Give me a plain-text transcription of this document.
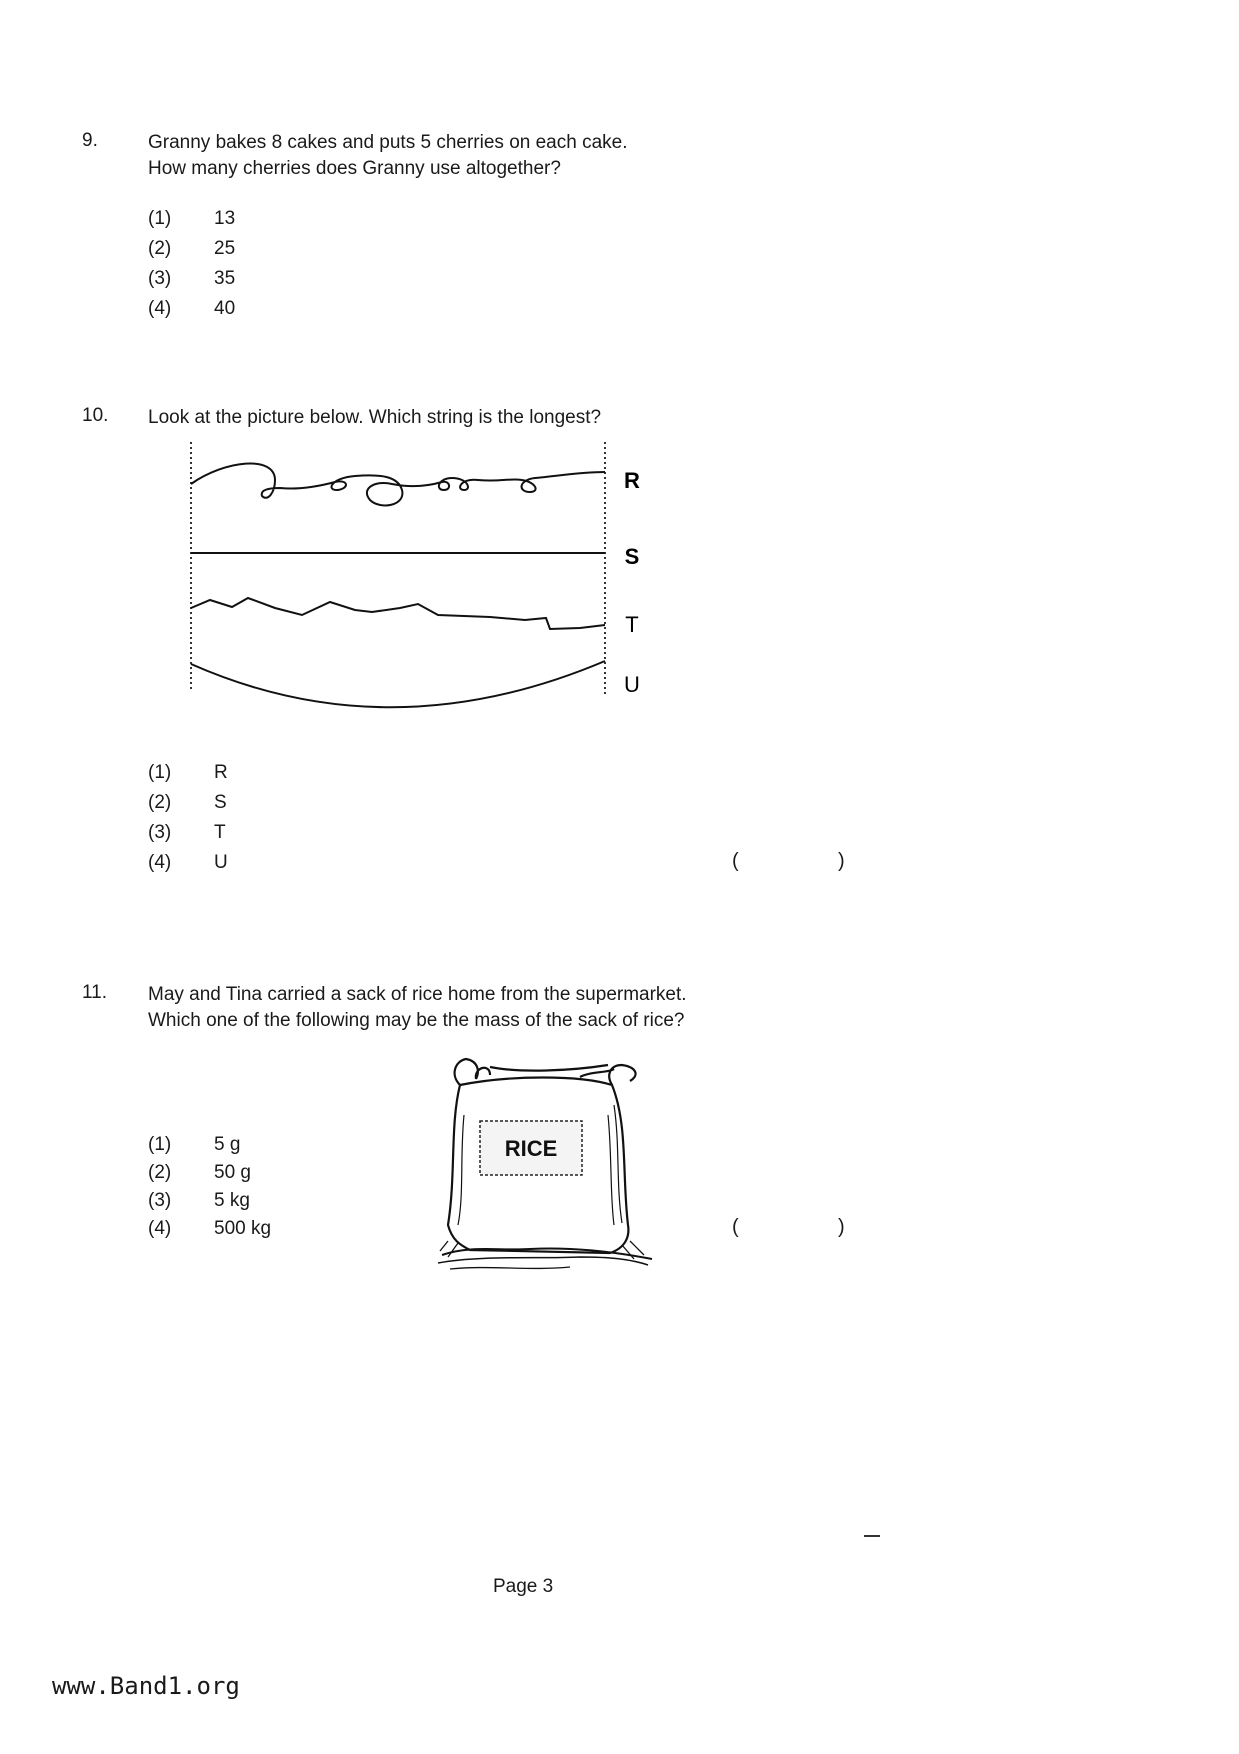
9.	Granny bakes 8 cakes and puts 5 cherries on each cake.
How many cherries does Granny use altogether?
(1) 13
(2) 25
(3) 35
(4) 40
10. Look at the picture below. Which string is the longest?
R
S
T
U
(1) R
(2) S
(3) T
(4) U	(	)
11. May and Tina carried a sack of rice home from the supermarket.
Which one of the following may be the mass of the sack of rice?
(1) 5 g
(2) 50 g
(3) 5 kg
(4) 500 kg
RICE
(	)
Page 3
www.Band1.org
